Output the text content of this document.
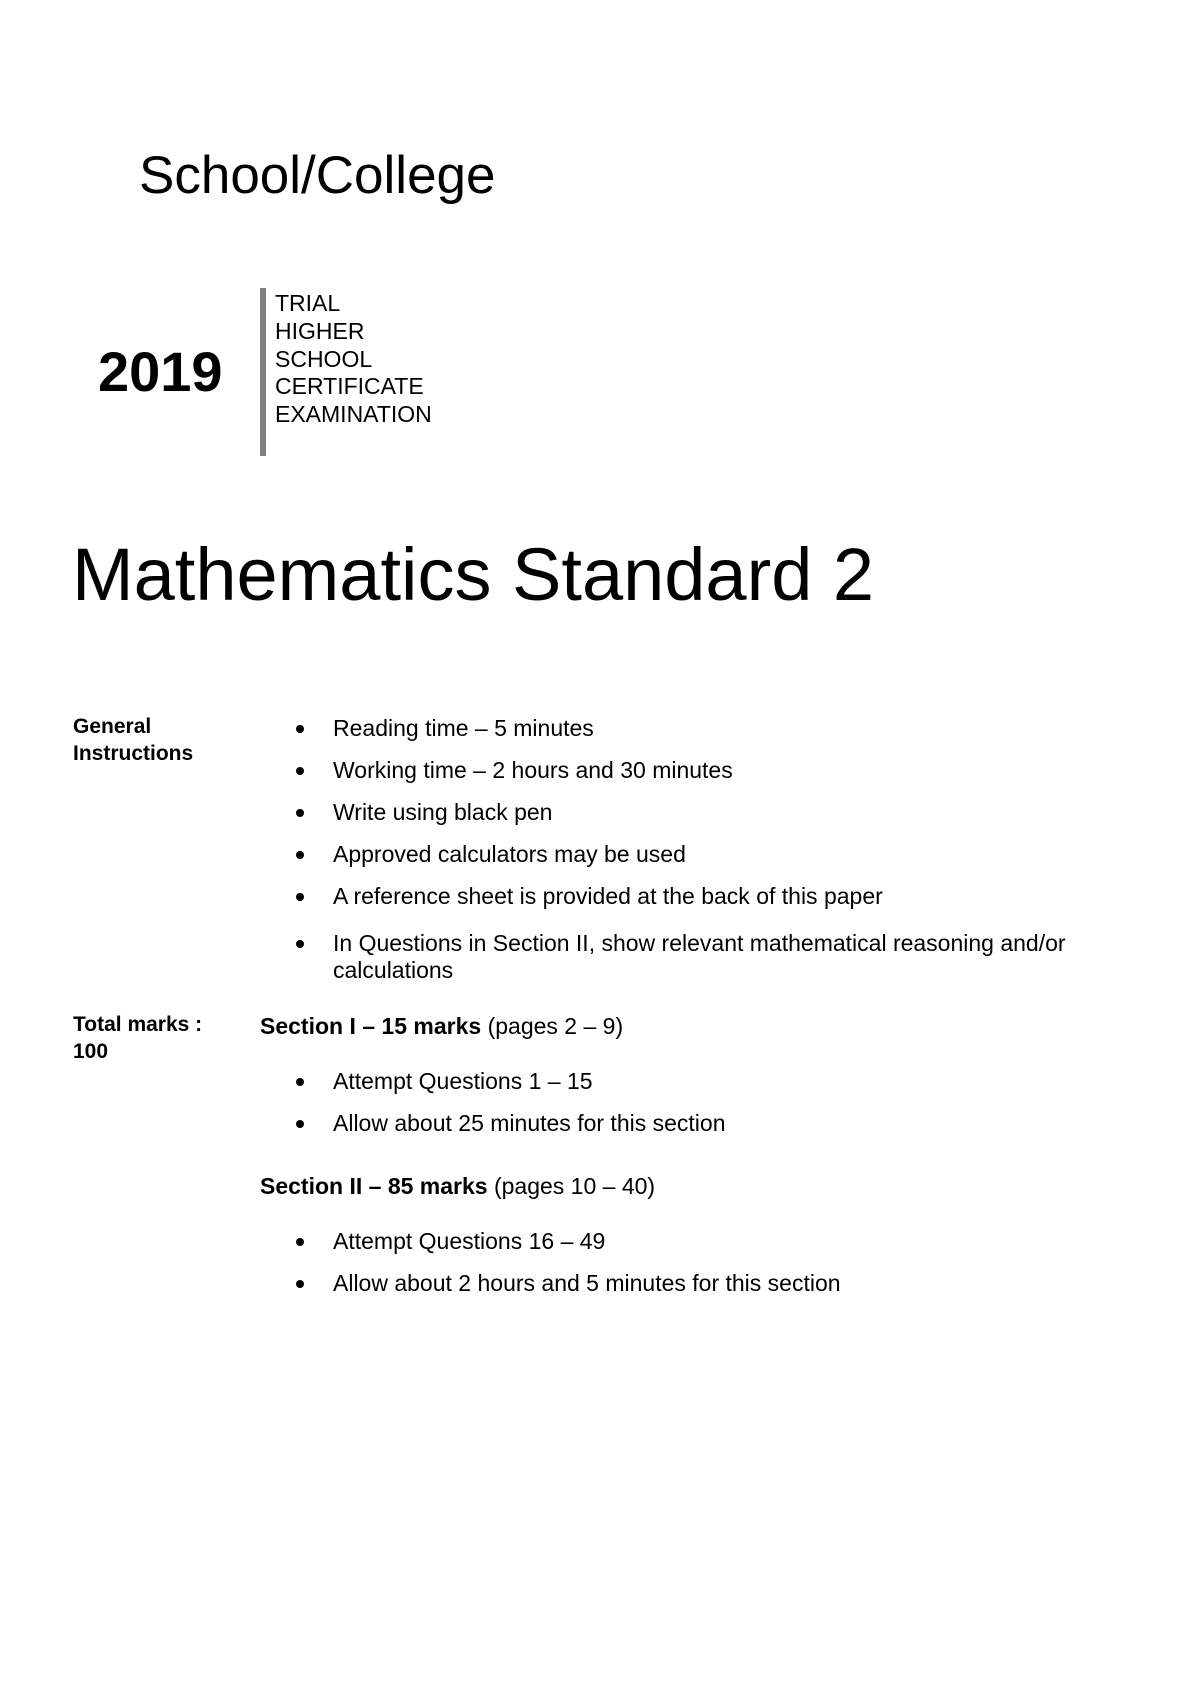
School/College
2019
TRIAL
HIGHER
SCHOOL
CERTIFICATE
EXAMINATION
Mathematics Standard 2
General
Instructions
Reading time – 5 minutes
Working time – 2 hours and 30 minutes
Write using black pen
Approved calculators may be used
A reference sheet is provided at the back of this paper
In Questions in Section II, show relevant mathematical reasoning and/or calculations
Total marks :
100
Section I – 15 marks (pages 2 – 9)
Attempt Questions 1 – 15
Allow about 25 minutes for this section
Section II – 85 marks (pages 10 – 40)
Attempt Questions 16 – 49
Allow about 2 hours and 5 minutes for this section
